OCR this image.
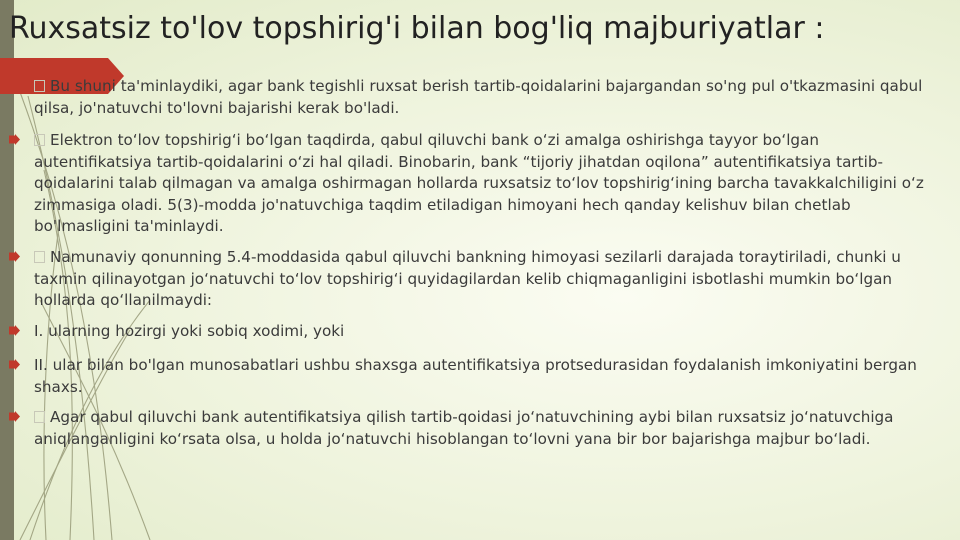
Ruxsatsiz to'lov topshirig'i bilan bog'liq majburiyatlar :
Bu shuni ta'minlaydiki, agar bank tegishli ruxsat berish tartib-qoidalarini bajargandan so'ng pul o'tkazmasini qabul qilsa, jo'natuvchi to'lovni bajarishi kerak bo'ladi.
Elektron to‘lov topshirig‘i bo‘lgan taqdirda, qabul qiluvchi bank o‘zi amalga oshirishga tayyor bo‘lgan autentifikatsiya tartib-qoidalarini o‘zi hal qiladi. Binobarin, bank “tijoriy jihatdan oqilona” autentifikatsiya tartib-qoidalarini talab qilmagan va amalga oshirmagan hollarda ruxsatsiz to‘lov topshirig‘ining barcha tavakkalchiligini o‘z zimmasiga oladi. 5(3)-modda jo'natuvchiga taqdim etiladigan himoyani hech qanday kelishuv bilan chetlab bo'lmasligini ta'minlaydi.
Namunaviy qonunning 5.4-moddasida qabul qiluvchi bankning himoyasi sezilarli darajada toraytiriladi, chunki u taxmin qilinayotgan jo‘natuvchi to‘lov topshirig‘i quyidagilardan kelib chiqmaganligini isbotlashi mumkin bo‘lgan hollarda qo‘llanilmaydi:
I. ularning hozirgi yoki sobiq xodimi, yoki
II. ular bilan bo'lgan munosabatlari ushbu shaxsga autentifikatsiya protsedurasidan foydalanish imkoniyatini bergan shaxs.
Agar qabul qiluvchi bank autentifikatsiya qilish tartib-qoidasi jo‘natuvchining aybi bilan ruxsatsiz jo‘natuvchiga aniqlanganligini ko‘rsata olsa, u holda jo‘natuvchi hisoblangan to‘lovni yana bir bor bajarishga majbur bo‘ladi.
